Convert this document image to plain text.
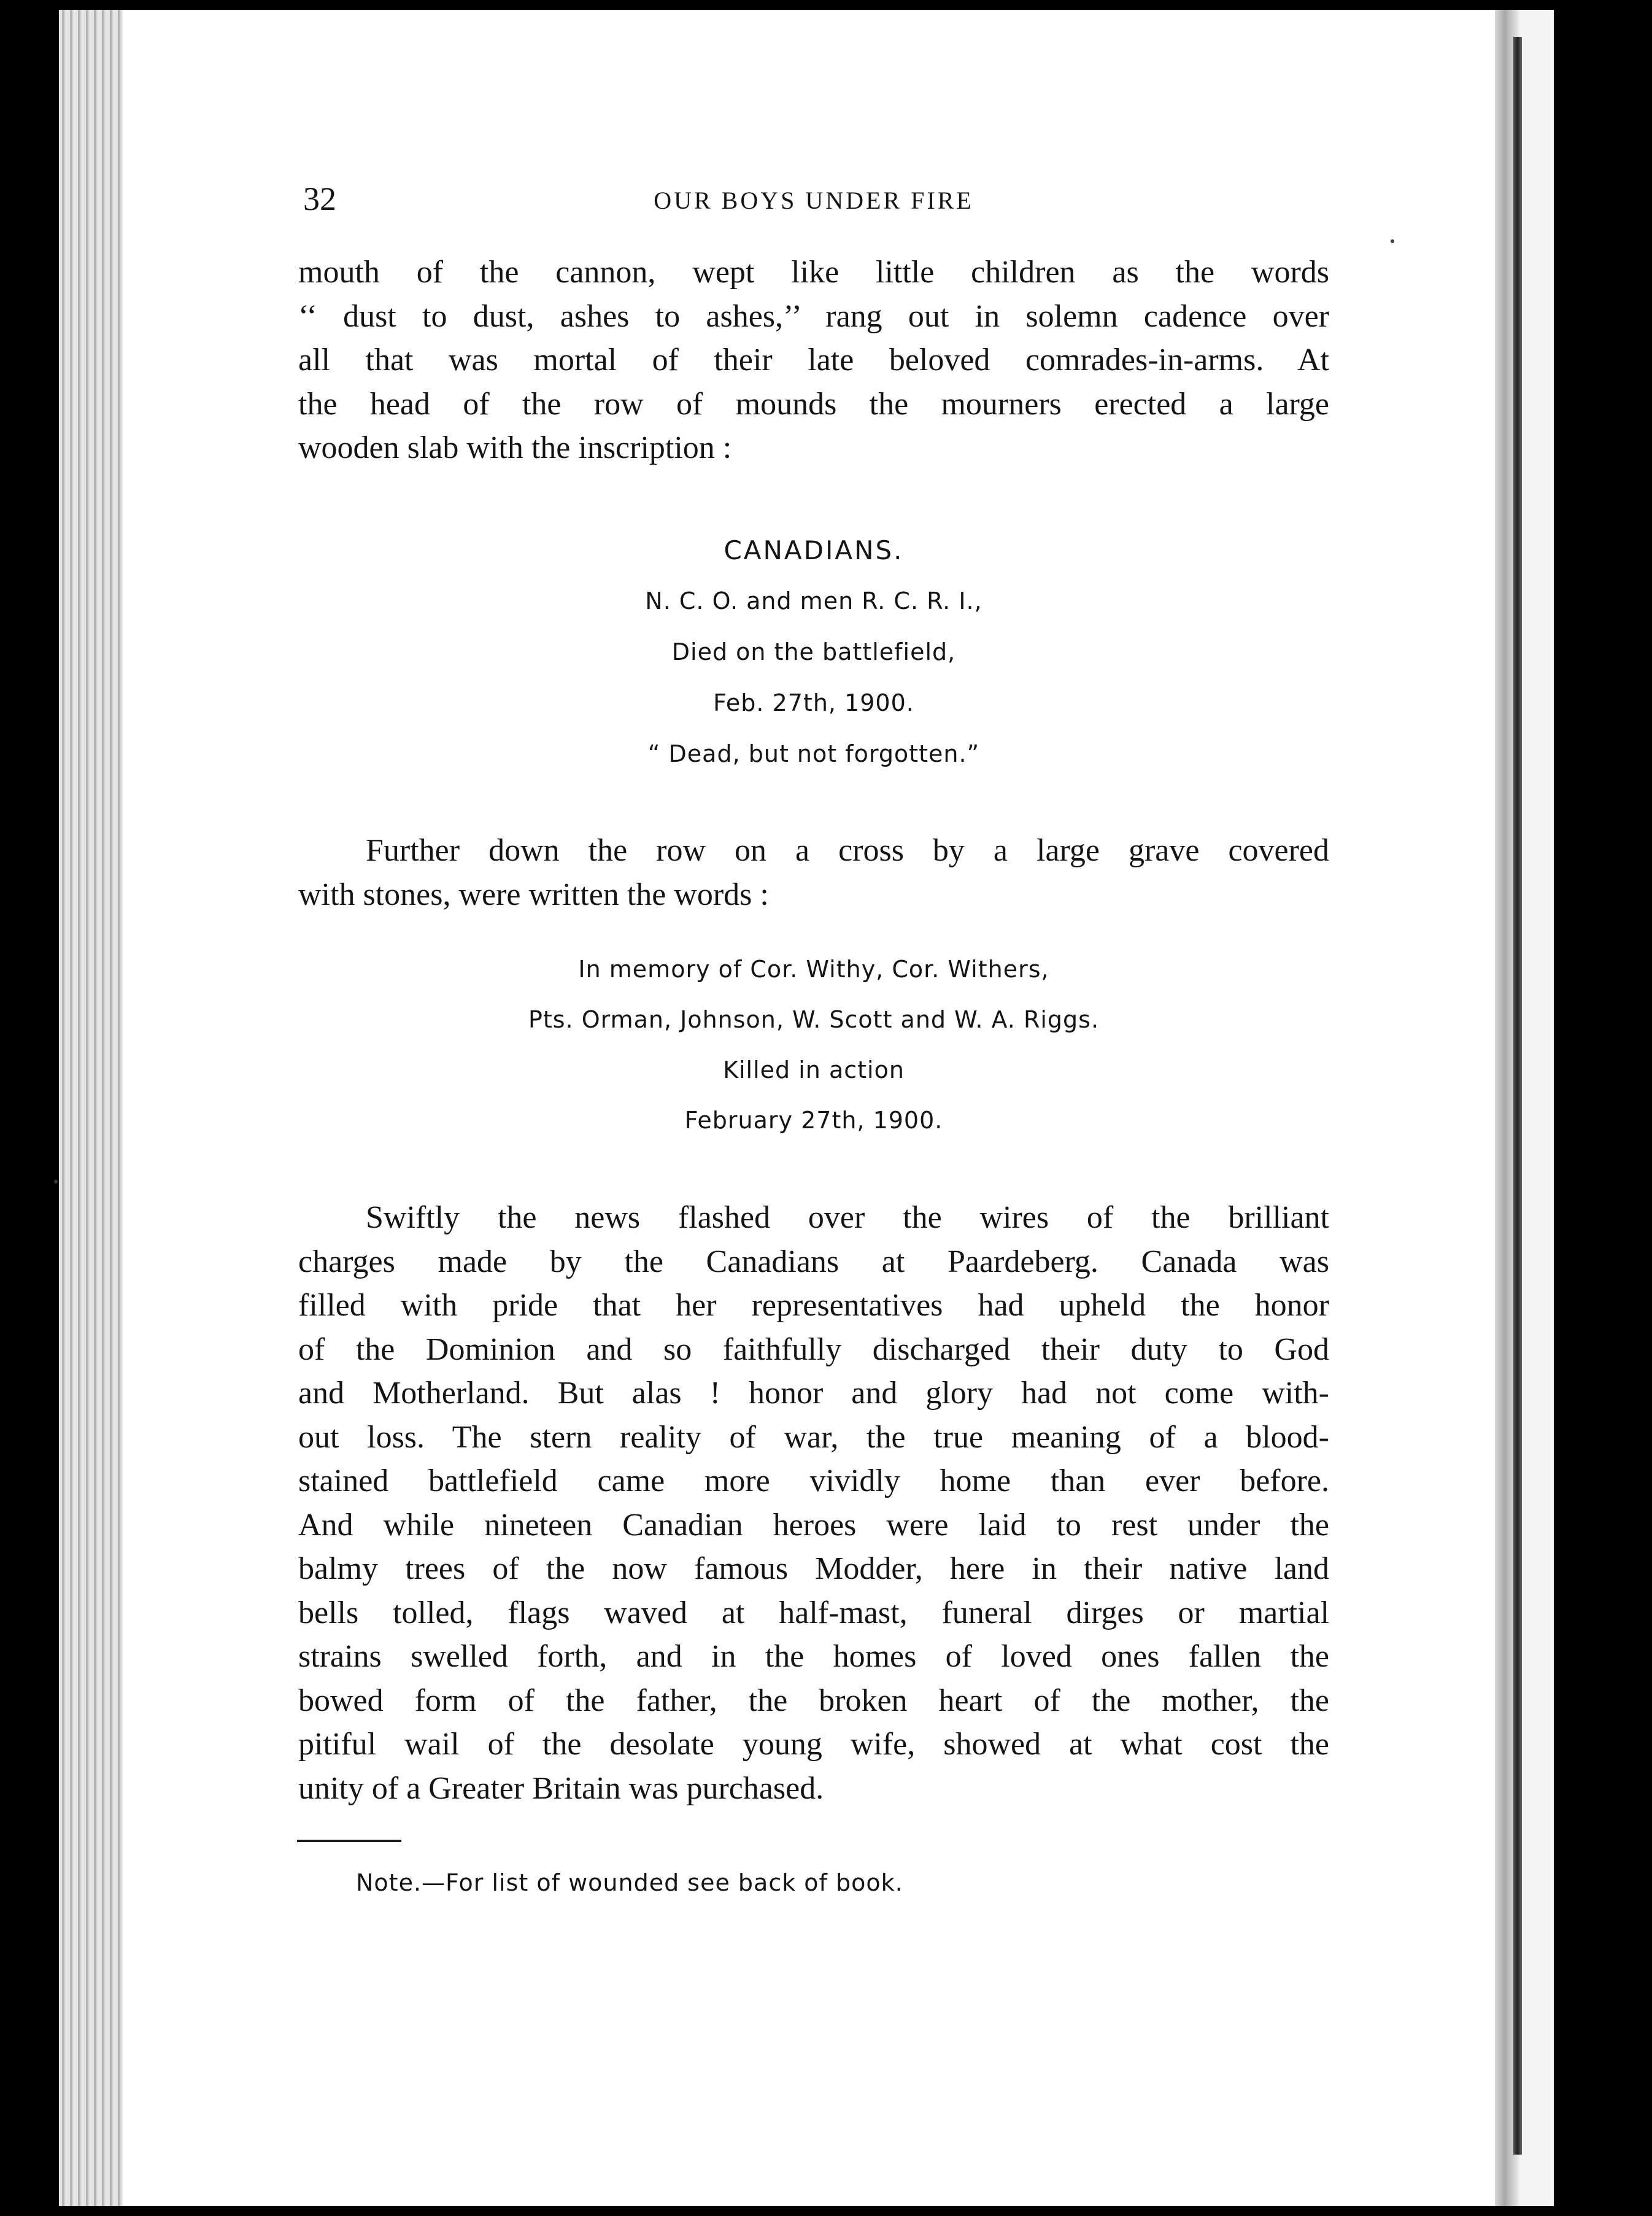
32	OUR BOYS UNDER FIRE
mouth of the cannon, wept like little children as the words
‘‘ dust to dust, ashes to ashes,’’ rang out in solemn cadence over
all that was mortal of their late beloved comrades-in-arms. At
the head of the row of mounds the mourners erected a large
wooden slab with the inscription :
CANADIANS.
N. C. O. and men R. C. R. I.,
Died on the battlefield,
Feb. 27th, 1900.
“ Dead, but not forgotten.”
Further down the row on a cross by a large grave covered
with stones, were written the words :
In memory of Cor. Withy, Cor. Withers,
Pts. Orman, Johnson, W. Scott and W. A. Riggs.
Killed in action
February 27th, 1900.
Swiftly the news flashed over the wires of the brilliant
charges made by the Canadians at Paardeberg. Canada was
filled with pride that her representatives had upheld the honor
of the Dominion and so faithfully discharged their duty to God
and Motherland. But alas ! honor and glory had not come with-
out loss. The stern reality of war, the true meaning of a blood-
stained battlefield came more vividly home than ever before.
And while nineteen Canadian heroes were laid to rest under the
balmy trees of the now famous Modder, here in their native land
bells tolled, flags waved at half-mast, funeral dirges or martial
strains swelled forth, and in the homes of loved ones fallen the
bowed form of the father, the broken heart of the mother, the
pitiful wail of the desolate young wife, showed at what cost the
unity of a Greater Britain was purchased.
Note.—For list of wounded see back of book.
